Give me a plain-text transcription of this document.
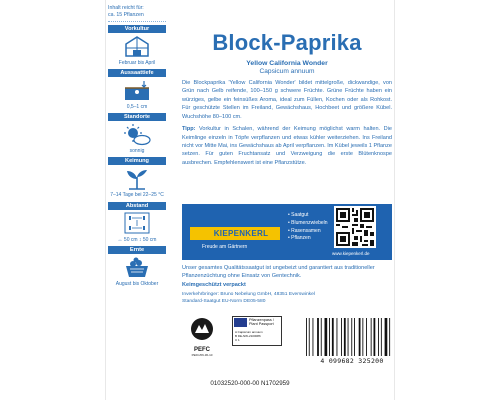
Inhalt reicht für:
ca. 15 Pflanzen
Vorkultur
Februar bis April
Aussaattiefe
0,5–1 cm
Standorte
sonnig
Keimung
7–14 Tage bei 22–25 °C
Abstand
↔ 50 cm ↕ 50 cm
Ernte
August bis Oktober
Block-Paprika
Yellow California Wonder
Capsicum annuum
Die Blockpaprika 'Yellow California Wonder' bildet mittelgroße, dickwandige, von Grün nach Gelb reifende, 100–150 g schwere Früchte. Grüne Früchte haben ein würziges, gelbe ein feinsüßes Aroma, ideal zum Füllen, Kochen oder als Rohkost. Für geschützte Stellen im Freiland, Gewächshaus, Hochbeet und größere Kübel. Wuchshöhe 80–100 cm.
Tipp: Vorkultur in Schalen, während der Keimung möglichst warm halten. Die Keimlinge einzeln in Töpfe verpflanzen und etwas kühler weiterziehen. Ins Freiland nicht vor Mitte Mai, ins Gewächshaus ab April verpflanzen. Im Kübel jeweils 1 Pflanze setzen. Für guten Fruchtansatz und Verzweigung die erste Blütenknospe ausbrechen. Empfehlenswert ist eine Pflanzstütze.
KIEPENKERL
Freude am Gärtnern
• Saatgut
• Blumenzwiebeln
• Rasensamen
• Pflanzen
www.kiepenkerl.de
Unser gesamtes Qualitätssaatgut ist ungebeizt und garantiert aus traditioneller Pflanzenzüchtung ohne Einsatz von Gentechnik.
Keimgeschützt verpackt
Inverkehrbringer: Bruno Nebelung GmbH, 48351 Everswinkel
Standard-Saatgut EU-Norm DE05-580
PEFC
PEFC/06-36-10
Pflanzenpass / Plant Passport
A Capsicum annuum
B DE-NW-2100086
C 1
4 099682 325200
01032520-000-00 N1702959
